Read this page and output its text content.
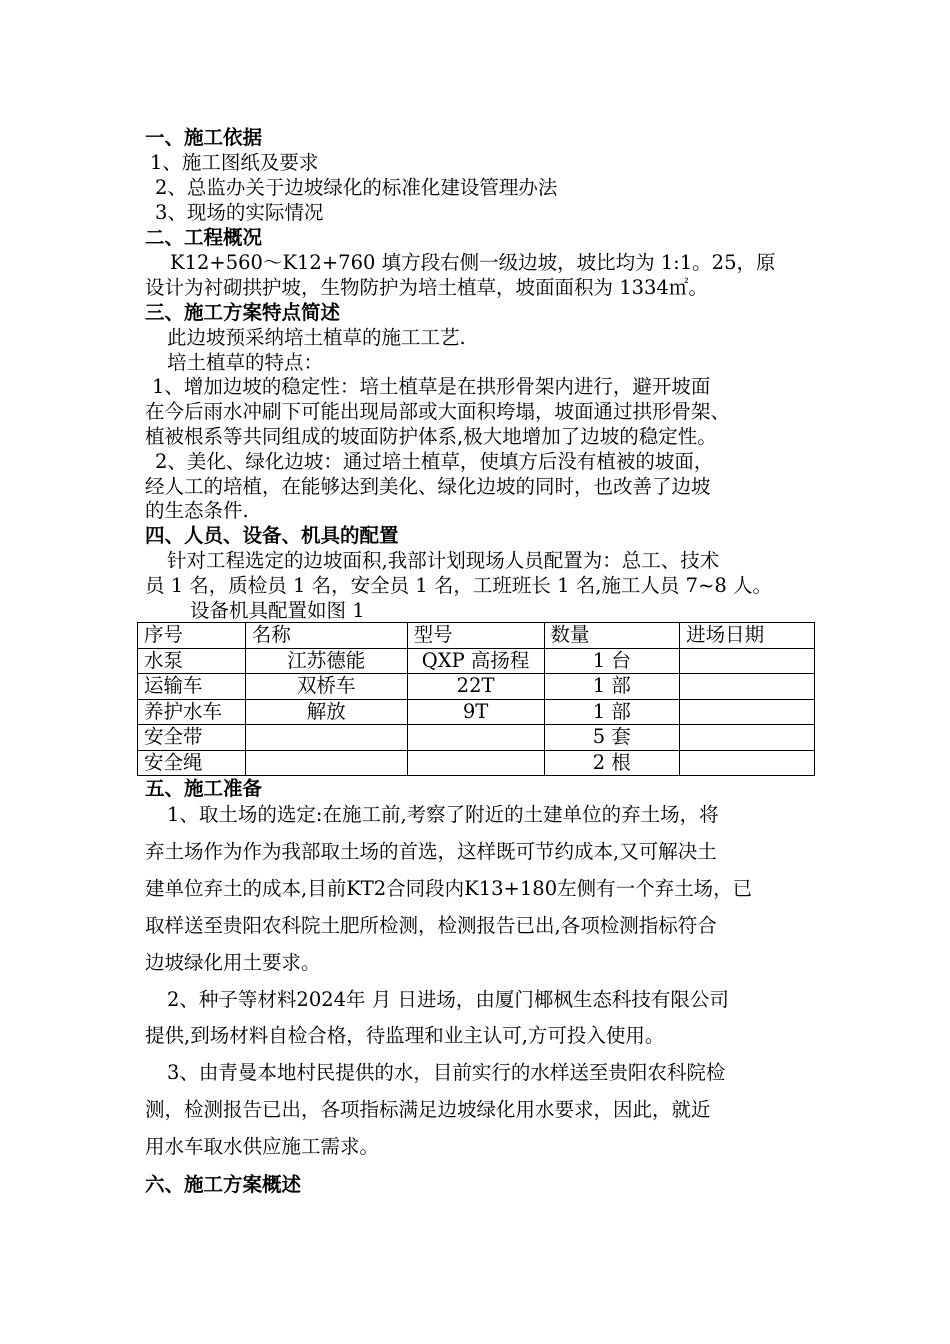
一、施工依据
1、施工图纸及要求
2、总监办关于边坡绿化的标准化建设管理办法
3、现场的实际情况
二、工程概况
K12+560～K12+760 填方段右侧一级边坡，坡比均为 1:1。25，原
设计为衬砌拱护坡，生物防护为培土植草，坡面面积为 1334㎡。
三、施工方案特点简述
此边坡预采纳培土植草的施工工艺.
培土植草的特点：
1、增加边坡的稳定性：培土植草是在拱形骨架内进行，避开坡面
在今后雨水冲刷下可能出现局部或大面积垮塌，坡面通过拱形骨架、
植被根系等共同组成的坡面防护体系,极大地增加了边坡的稳定性。
2、美化、绿化边坡：通过培土植草，使填方后没有植被的坡面，
经人工的培植，在能够达到美化、绿化边坡的同时，也改善了边坡
的生态条件.
四、人员、设备、机具的配置
针对工程选定的边坡面积,我部计划现场人员配置为：总工、技术
员 1 名，质检员 1 名，安全员 1 名，工班班长 1 名,施工人员 7~8 人。
设备机具配置如图 1
序号	名称	型号	数量	进场日期
水泵	江苏德能	QXP 高扬程	1 台	
运输车	双桥车	22T	1 部	
养护水车	解放	9T	1 部	
安全带			5 套	
安全绳			2 根	
五、施工准备
1、取土场的选定:在施工前,考察了附近的土建单位的弃土场，将
弃土场作为作为我部取土场的首选，这样既可节约成本,又可解决土
建单位弃土的成本,目前KT2合同段内K13+180左侧有一个弃土场，已
取样送至贵阳农科院土肥所检测，检测报告已出,各项检测指标符合
边坡绿化用土要求。
2、种子等材料2024年 月 日进场，由厦门椰枫生态科技有限公司
提供,到场材料自检合格，待监理和业主认可,方可投入使用。
3、由青曼本地村民提供的水，目前实行的水样送至贵阳农科院检
测，检测报告已出，各项指标满足边坡绿化用水要求，因此，就近
用水车取水供应施工需求。
六、施工方案概述
